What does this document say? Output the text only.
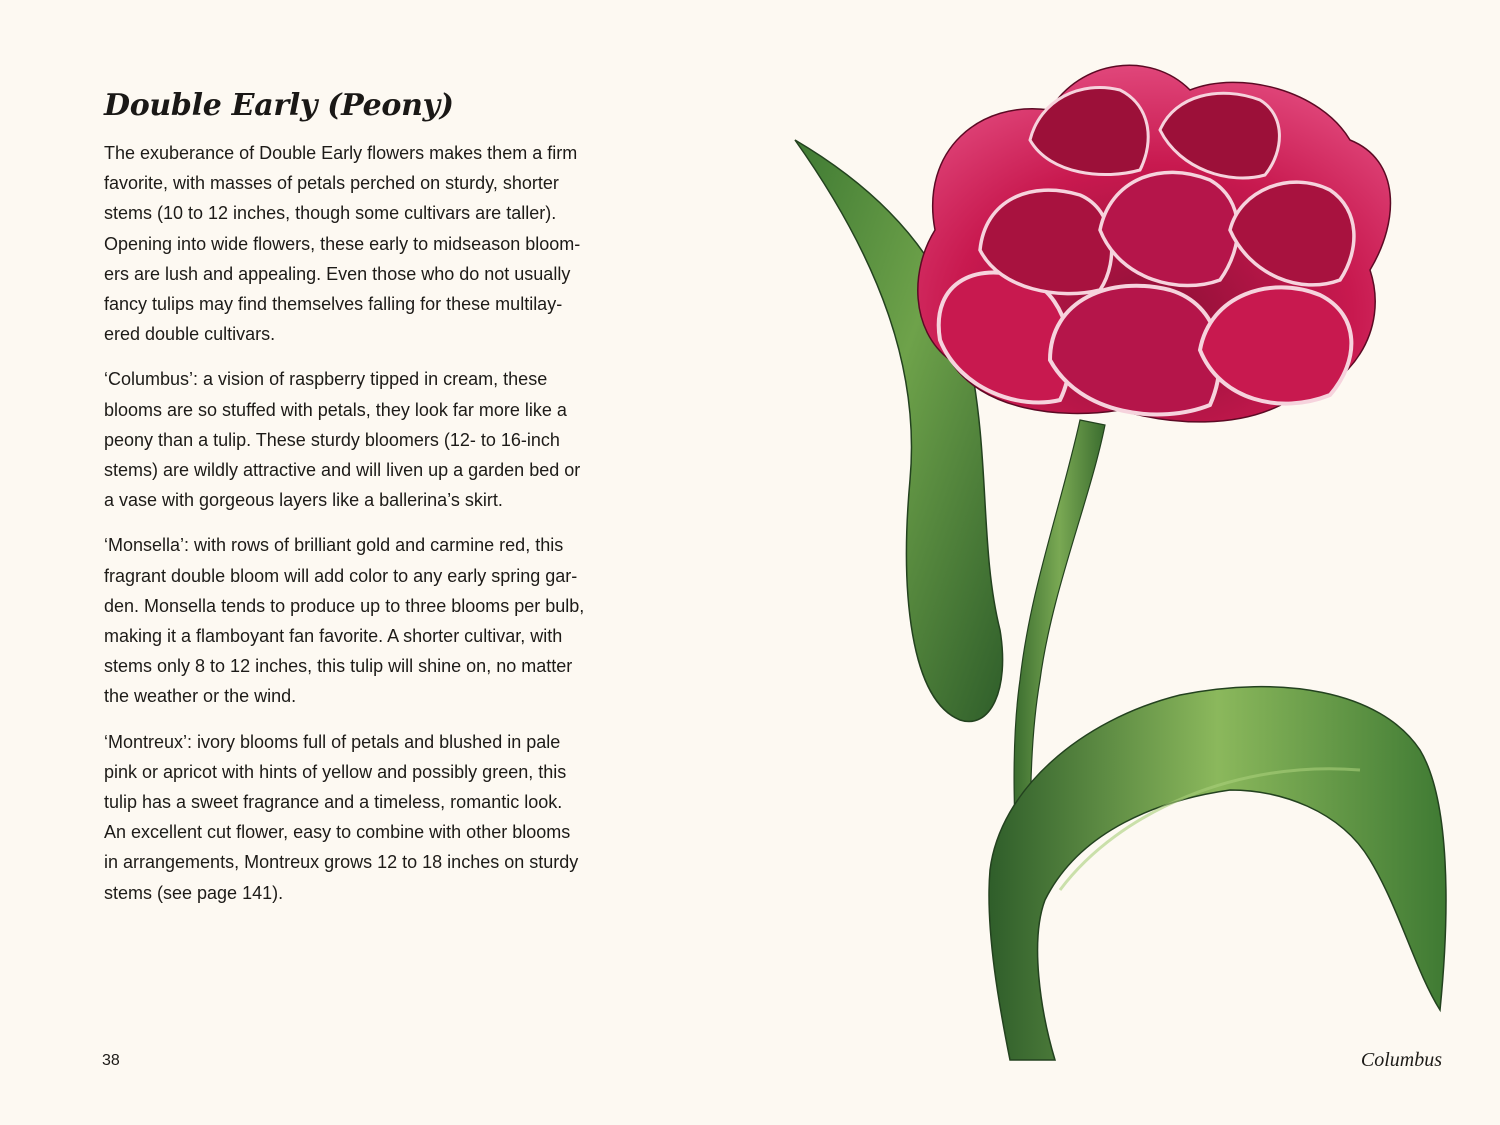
Double Early (Peony)

The exuberance of Double Early flowers makes them a firm
favorite, with masses of petals perched on sturdy, shorter
stems (10 to 12 inches, though some cultivars are taller).
Opening into wide flowers, these early to midseason bloom-
ers are lush and appealing. Even those who do not usually
fancy tulips may find themselves falling for these multilay-
ered double cultivars.

‘Columbus’: a vision of raspberry tipped in cream, these
blooms are so stuffed with petals, they look far more like a
peony than a tulip. These sturdy bloomers (12- to 16-inch
stems) are wildly attractive and will liven up a garden bed or
a vase with gorgeous layers like a ballerina’s skirt.

‘Monsella’: with rows of brilliant gold and carmine red, this
fragrant double bloom will add color to any early spring gar-
den. Monsella tends to produce up to three blooms per bulb,
making it a flamboyant fan favorite. A shorter cultivar, with
stems only 8 to 12 inches, this tulip will shine on, no matter
the weather or the wind.

‘Montreux’: ivory blooms full of petals and blushed in pale
pink or apricot with hints of yellow and possibly green, this
tulip has a sweet fragrance and a timeless, romantic look.
An excellent cut flower, easy to combine with other blooms
in arrangements, Montreux grows 12 to 18 inches on sturdy
stems (see page 141).

38	Columbus
